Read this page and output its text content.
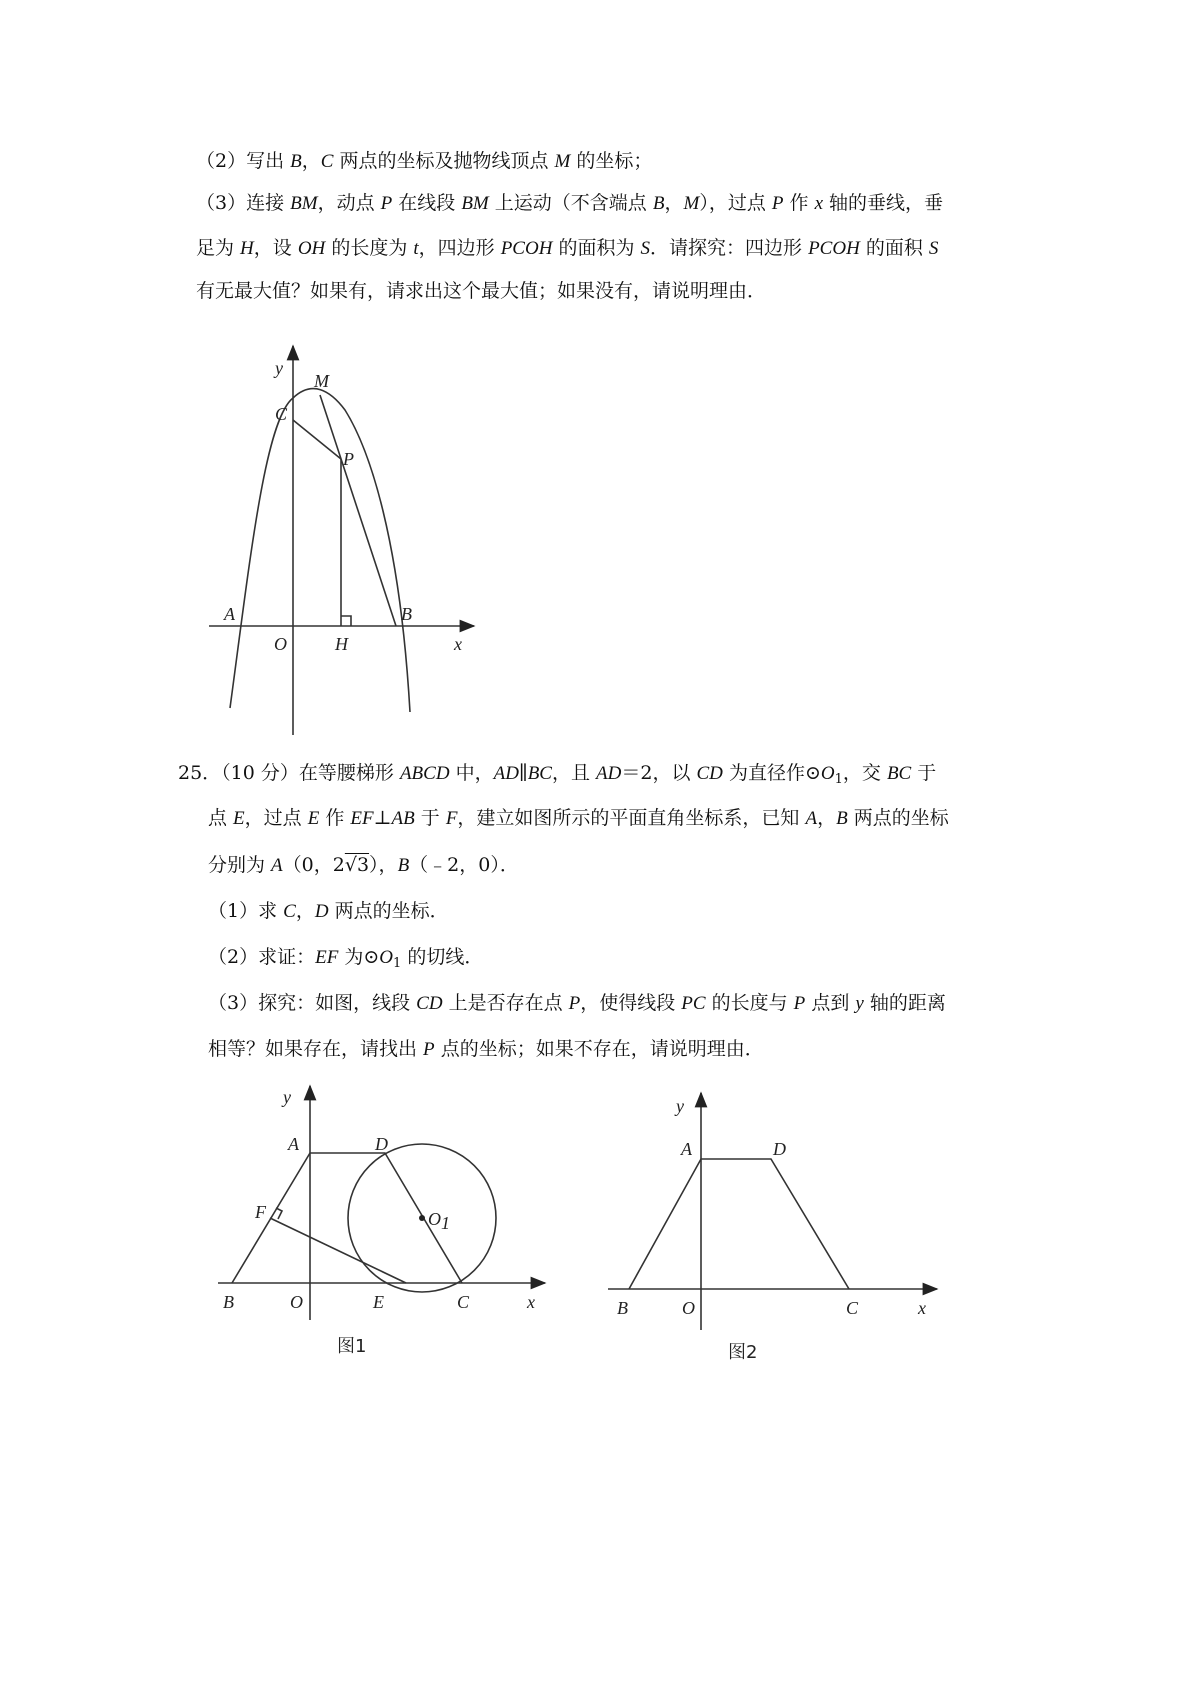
（2）写出 B，C 两点的坐标及抛物线顶点 M 的坐标；
（3）连接 BM，动点 P 在线段 BM 上运动（不含端点 B，M），过点 P 作 x 轴的垂线，垂
足为 H，设 OH 的长度为 t，四边形 PCOH 的面积为 S．请探究：四边形 PCOH 的面积 S
有无最大值？如果有，请求出这个最大值；如果没有，请说明理由．
y
M
C
P
A	B
O	H	x
25．（10 分）在等腰梯形 ABCD 中，AD∥BC，且 AD＝2，以 CD 为直径作$⊙O_1$，交 BC 于
点 E，过点 E 作 EF⊥AB 于 F，建立如图所示的平面直角坐标系，已知 A，B 两点的坐标
分别为 A（0，2√3），B（﹣2，0）．
（1）求 C，D 两点的坐标．
（2）求证：EF 为$⊙O_1$ 的切线．
（3）探究：如图，线段 CD 上是否存在点 P，使得线段 PC 的长度与 P 点到 y 轴的距离
相等？如果存在，请找出 P 点的坐标；如果不存在，请说明理由．
y
A	D
F	O1
B	O	E	C	x
图1
y
A	D
B	O	C	x
图2
